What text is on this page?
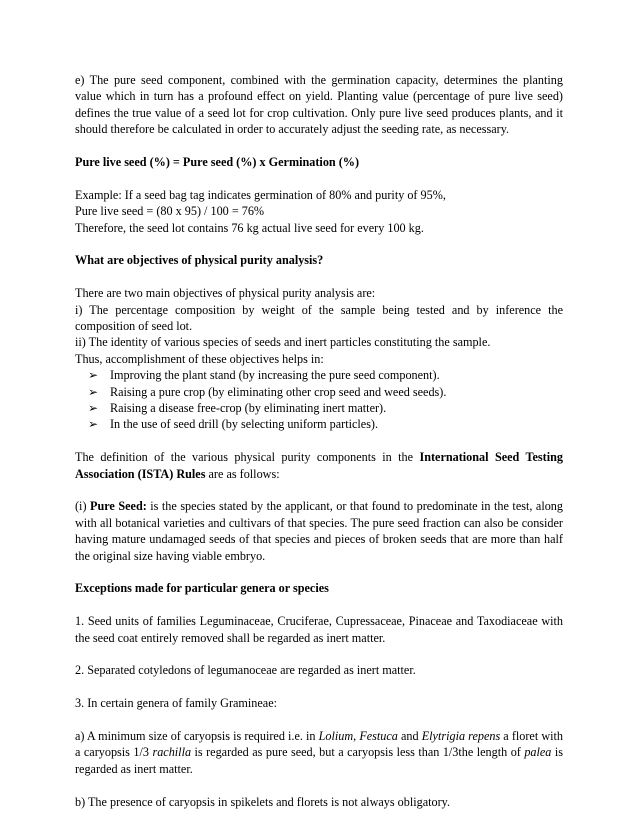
e) The pure seed component, combined with the germination capacity, determines the planting value which in turn has a profound effect on yield. Planting value (percentage of pure live seed) defines the true value of a seed lot for crop cultivation. Only pure live seed produces plants, and it should therefore be calculated in order to accurately adjust the seeding rate, as necessary.

Pure live seed (%) = Pure seed (%) x Germination (%)

Example: If a seed bag tag indicates germination of 80% and purity of 95%,
Pure live seed = (80 x 95) / 100 = 76%
Therefore, the seed lot contains 76 kg actual live seed for every 100 kg.

What are objectives of physical purity analysis?

There are two main objectives of physical purity analysis are:

i) The percentage composition by weight of the sample being tested and by inference the composition of seed lot.

ii) The identity of various species of seeds and inert particles constituting the sample.

Thus, accomplishment of these objectives helps in:

➢ Improving the plant stand (by increasing the pure seed component).
➢ Raising a pure crop (by eliminating other crop seed and weed seeds).
➢ Raising a disease free-crop (by eliminating inert matter).
➢ In the use of seed drill (by selecting uniform particles).

The definition of the various physical purity components in the International Seed Testing Association (ISTA) Rules are as follows:

(i) Pure Seed: is the species stated by the applicant, or that found to predominate in the test, along with all botanical varieties and cultivars of that species. The pure seed fraction can also be consider having mature undamaged seeds of that species and pieces of broken seeds that are more than half the original size having viable embryo.

Exceptions made for particular genera or species

1. Seed units of families Leguminaceae, Cruciferae, Cupressaceae, Pinaceae and Taxodiaceae with the seed coat entirely removed shall be regarded as inert matter.

2. Separated cotyledons of legumanoceae are regarded as inert matter.

3. In certain genera of family Gramineae:

a) A minimum size of caryopsis is required i.e. in Lolium, Festuca and Elytrigia repens a floret with a caryopsis 1/3 rachilla is regarded as pure seed, but a caryopsis less than 1/3the length of palea is regarded as inert matter.

b) The presence of caryopsis in spikelets and florets is not always obligatory.
